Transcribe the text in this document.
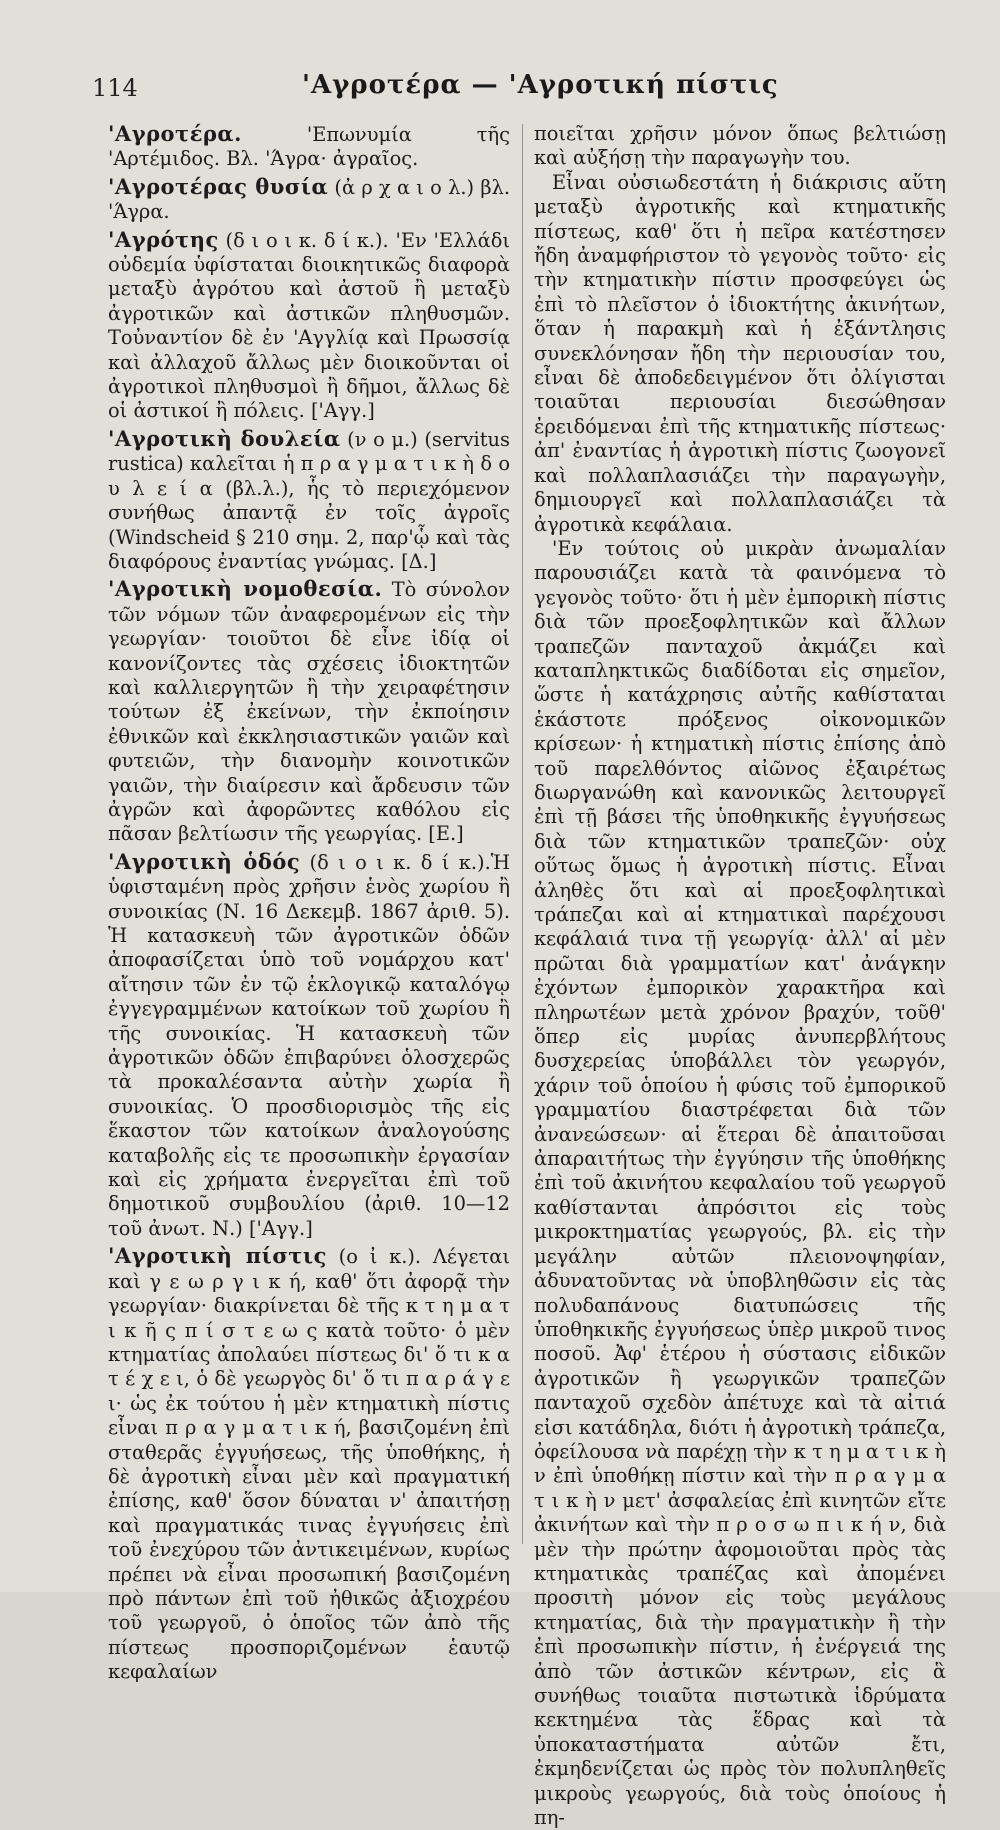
114	'Αγροτέρα — 'Αγροτική πίστις

'Αγροτέρα. 'Επωνυμία τῆς 'Αρτέμιδος. Βλ. 'Άγρα· ἀγραῖος.

'Αγροτέρας θυσία (ἀ ρ χ α ι ο λ.) βλ. 'Άγρα.

'Αγρότης (δ ι ο ι κ. δ ί κ.). 'Εν 'Ελλάδι οὐδεμία ὑφίσταται διοικητικῶς διαφορὰ μεταξὺ ἀγρότου καὶ ἀστοῦ ἢ μεταξὺ ἀγροτικῶν καὶ ἀστικῶν πληθυσμῶν. Τοὐναντίον δὲ ἐν 'Αγγλίᾳ καὶ Πρωσσίᾳ καὶ ἀλλαχοῦ ἄλλως μὲν διοικοῦνται οἱ ἀγροτικοὶ πληθυσμοὶ ἢ δῆμοι, ἄλλως δὲ οἱ ἀστικοί ἢ πόλεις. ['Αγγ.]

'Αγροτικὴ δουλεία (ν ο μ.) (servitus rustica) καλεῖται ἡ π ρ α γ μ α τ ι κ ὴ δ ο υ λ ε ί α (βλ.λ.), ἧς τὸ περιεχόμενον συνήθως ἀπαντᾷ ἐν τοῖς ἀγροῖς (Windscheid § 210 σημ. 2, παρ'ᾧ καὶ τὰς διαφόρους ἐναντίας γνώμας. [Δ.]

'Αγροτικὴ νομοθεσία. Τὸ σύνολον τῶν νόμων τῶν ἀναφερομένων εἰς τὴν γεωργίαν· τοιοῦτοι δὲ εἶνε ἰδίᾳ οἱ κανονίζοντες τὰς σχέσεις ἰδιοκτητῶν καὶ καλλιεργητῶν ἢ τὴν χειραφέτησιν τούτων ἐξ ἐκείνων, τὴν ἐκποίησιν ἐθνικῶν καὶ ἐκκλησιαστικῶν γαιῶν καὶ φυτειῶν, τὴν διανομὴν κοινοτικῶν γαιῶν, τὴν διαίρεσιν καὶ ἄρδευσιν τῶν ἀγρῶν καὶ ἀφορῶντες καθόλου εἰς πᾶσαν βελτίωσιν τῆς γεωργίας. [Ε.]

'Αγροτικὴ ὁδός (δ ι ο ι κ. δ ί κ.).Ἡ ὑφισταμένη πρὸς χρῆσιν ἑνὸς χωρίου ἢ συνοικίας (Ν. 16 Δεκεμβ. 1867 ἀριθ. 5). Ἡ κατασκευὴ τῶν ἀγροτικῶν ὁδῶν ἀποφασίζεται ὑπὸ τοῦ νομάρχου κατ' αἴτησιν τῶν ἐν τῷ ἐκλογικῷ καταλόγῳ ἐγγεγραμμένων κατοίκων τοῦ χωρίου ἢ τῆς συνοικίας. Ἡ κατασκευὴ τῶν ἀγροτικῶν ὁδῶν ἐπιβαρύνει ὁλοσχερῶς τὰ προκαλέσαντα αὐτὴν χωρία ἢ συνοικίας. Ὁ προσδιορισμὸς τῆς εἰς ἕκαστον τῶν κατοίκων ἀναλογούσης καταβολῆς εἰς τε προσωπικὴν ἐργασίαν καὶ εἰς χρήματα ἐνεργεῖται ἐπὶ τοῦ δημοτικοῦ συμβουλίου (ἀριθ. 10—12 τοῦ ἀνωτ. Ν.) ['Αγγ.]

'Αγροτικὴ πίστις (ο ἰ κ.). Λέγεται καὶ γ ε ω ρ γ ι κ ή, καθ' ὅτι ἀφορᾷ τὴν γεωργίαν· διακρίνεται δὲ τῆς κ τ η μ α τ ι κ ῆ ς π ί σ τ ε ω ς κατὰ τοῦτο· ὁ μὲν κτηματίας ἀπολαύει πίστεως δι' ὅ τι κ α τ έ χ ε ι, ὁ δὲ γεωργὸς δι' ὅ τι π α ρ ά γ ε ι· ὡς ἐκ τούτου ἡ μὲν κτηματικὴ πίστις εἶναι π ρ α γ μ α τ ι κ ή, βασιζομένη ἐπὶ σταθερᾶς ἐγγυήσεως, τῆς ὑποθήκης, ἡ δὲ ἀγροτικὴ εἶναι μὲν καὶ πραγματική ἐπίσης, καθ' ὅσον δύναται ν' ἀπαιτήσῃ καὶ πραγματικάς τινας ἐγγυήσεις ἐπὶ τοῦ ἐνεχύρου τῶν ἀντικειμένων, κυρίως πρέπει νὰ εἶναι προσωπική βασιζομένη πρὸ πάντων ἐπὶ τοῦ ἠθικῶς ἀξιοχρέου τοῦ γεωργοῦ, ὁ ὁποῖος τῶν ἀπὸ τῆς πίστεως προσποριζομένων ἑαυτῷ κεφαλαίων

ποιεῖται χρῆσιν μόνον ὅπως βελτιώσῃ καὶ αὐξήσῃ τὴν παραγωγὴν του.

Εἶναι οὐσιωδεστάτη ἡ διάκρισις αὕτη μεταξὺ ἀγροτικῆς καὶ κτηματικῆς πίστεως, καθ' ὅτι ἡ πεῖρα κατέστησεν ἤδη ἀναμφήριστον τὸ γεγονὸς τοῦτο· εἰς τὴν κτηματικὴν πίστιν προσφεύγει ὡς ἐπὶ τὸ πλεῖστον ὁ ἰδιοκτήτης ἀκινήτων, ὅταν ἡ παρακμὴ καὶ ἡ ἐξάντλησις συνεκλόνησαν ἤδη τὴν περιουσίαν του, εἶναι δὲ ἀποδεδειγμένον ὅτι ὀλίγισται τοιαῦται περιουσίαι διεσώθησαν ἐρειδόμεναι ἐπὶ τῆς κτηματικῆς πίστεως· ἀπ' ἐναντίας ἡ ἀγροτικὴ πίστις ζωογονεῖ καὶ πολλαπλασιάζει τὴν παραγωγὴν, δημιουργεῖ καὶ πολλαπλασιάζει τὰ ἀγροτικὰ κεφάλαια.

'Εν τούτοις οὐ μικρὰν ἀνωμαλίαν παρουσιάζει κατὰ τὰ φαινόμενα τὸ γεγονὸς τοῦτο· ὅτι ἡ μὲν ἐμπορικὴ πίστις διὰ τῶν προεξοφλητικῶν καὶ ἄλλων τραπεζῶν πανταχοῦ ἀκμάζει καὶ καταπληκτικῶς διαδίδοται εἰς σημεῖον, ὥστε ἡ κατάχρησις αὐτῆς καθίσταται ἑκάστοτε πρόξενος οἰκονομικῶν κρίσεων· ἡ κτηματικὴ πίστις ἐπίσης ἀπὸ τοῦ παρελθόντος αἰῶνος ἐξαιρέτως διωργανώθη καὶ κανονικῶς λειτουργεῖ ἐπὶ τῇ βάσει τῆς ὑποθηκικῆς ἐγγυήσεως διὰ τῶν κτηματικῶν τραπεζῶν· οὐχ οὕτως ὅμως ἡ ἀγροτικὴ πίστις. Εἶναι ἀληθὲς ὅτι καὶ αἱ προεξοφλητικαὶ τράπεζαι καὶ αἱ κτηματικαὶ παρέχουσι κεφάλαιά τινα τῇ γεωργίᾳ· ἀλλ' αἱ μὲν πρῶται διὰ γραμματίων κατ' ἀνάγκην ἐχόντων ἐμπορικὸν χαρακτῆρα καὶ πληρωτέων μετὰ χρόνον βραχύν, τοῦθ' ὅπερ εἰς μυρίας ἀνυπερβλήτους δυσχερείας ὑποβάλλει τὸν γεωργόν, χάριν τοῦ ὁποίου ἡ φύσις τοῦ ἐμπορικοῦ γραμματίου διαστρέφεται διὰ τῶν ἀνανεώσεων· αἱ ἕτεραι δὲ ἀπαιτοῦσαι ἀπαραιτήτως τὴν ἐγγύησιν τῆς ὑποθήκης ἐπὶ τοῦ ἀκινήτου κεφαλαίου τοῦ γεωργοῦ καθίστανται ἀπρόσιτοι εἰς τοὺς μικροκτηματίας γεωργούς, βλ. εἰς τὴν μεγάλην αὐτῶν πλειονοψηφίαν, ἀδυνατοῦντας νὰ ὑποβληθῶσιν εἰς τὰς πολυδαπάνους διατυπώσεις τῆς ὑποθηκικῆς ἐγγυήσεως ὑπὲρ μικροῦ τινος ποσοῦ. Ἀφ' ἑτέρου ἡ σύστασις εἰδικῶν ἀγροτικῶν ἢ γεωργικῶν τραπεζῶν πανταχοῦ σχεδὸν ἀπέτυχε καὶ τὰ αἰτιά εἰσι κατάδηλα, διότι ἡ ἀγροτικὴ τράπεζα, ὀφείλουσα νὰ παρέχῃ τὴν κ τ η μ α τ ι κ ὴ ν ἐπὶ ὑποθήκῃ πίστιν καὶ τὴν π ρ α γ μ α τ ι κ ὴ ν μετ' ἀσφαλείας ἐπὶ κινητῶν εἴτε ἀκινήτων καὶ τὴν π ρ ο σ ω π ι κ ή ν, διὰ μὲν τὴν πρώτην ἀφομοιοῦται πρὸς τὰς κτηματικὰς τραπέζας καὶ ἀπομένει προσιτὴ μόνον εἰς τοὺς μεγάλους κτηματίας, διὰ τὴν πραγματικὴν ἢ τὴν ἐπὶ προσωπικὴν πίστιν, ἡ ἐνέργειά της ἀπὸ τῶν ἀστικῶν κέντρων, εἰς ἃ συνήθως τοιαῦτα πιστωτικὰ ἱδρύματα κεκτημένα τὰς ἕδρας καὶ τὰ ὑποκαταστήματα αὐτῶν ἔτι, ἐκμηδενίζεται ὡς πρὸς τὸν πολυπληθεῖς μικροὺς γεωργούς, διὰ τοὺς ὁποίους ἡ πη-
